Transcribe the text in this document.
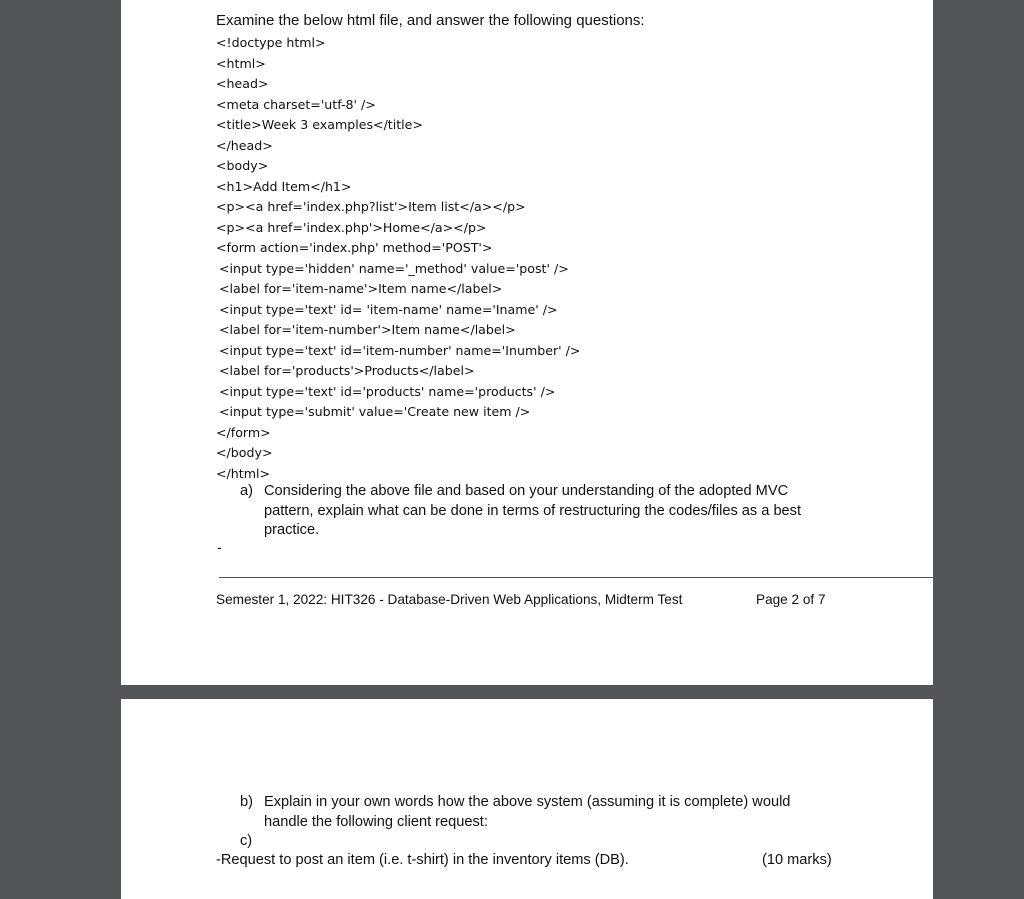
Examine the below html file, and answer the following questions:
<!doctype html>
<html>
<head>
<meta charset='utf-8' />
<title>Week 3 examples</title>
</head>
<body>
<h1>Add Item</h1>
<p><a href='index.php?list'>Item list</a></p>
<p><a href='index.php'>Home</a></p>
<form action='index.php' method='POST'>
<input type='hidden' name='_method' value='post' />
<label for='item-name'>Item name</label>
<input type='text' id= 'item-name' name='Iname' />
<label for='item-number'>Item name</label>
<input type='text' id='item-number' name='Inumber' />
<label for='products'>Products</label>
<input type='text' id='products' name='products' />
<input type='submit' value='Create new item />
</form>
</body>
</html>
a) Considering the above file and based on your understanding of the adopted MVC pattern, explain what can be done in terms of restructuring the codes/files as a best practice.
-
Semester 1, 2022: HIT326 - Database-Driven Web Applications, Midterm Test	Page 2 of 7
b) Explain in your own words how the above system (assuming it is complete) would handle the following client request:
c)
-Request to post an item (i.e. t-shirt) in the inventory items (DB).	(10 marks)
